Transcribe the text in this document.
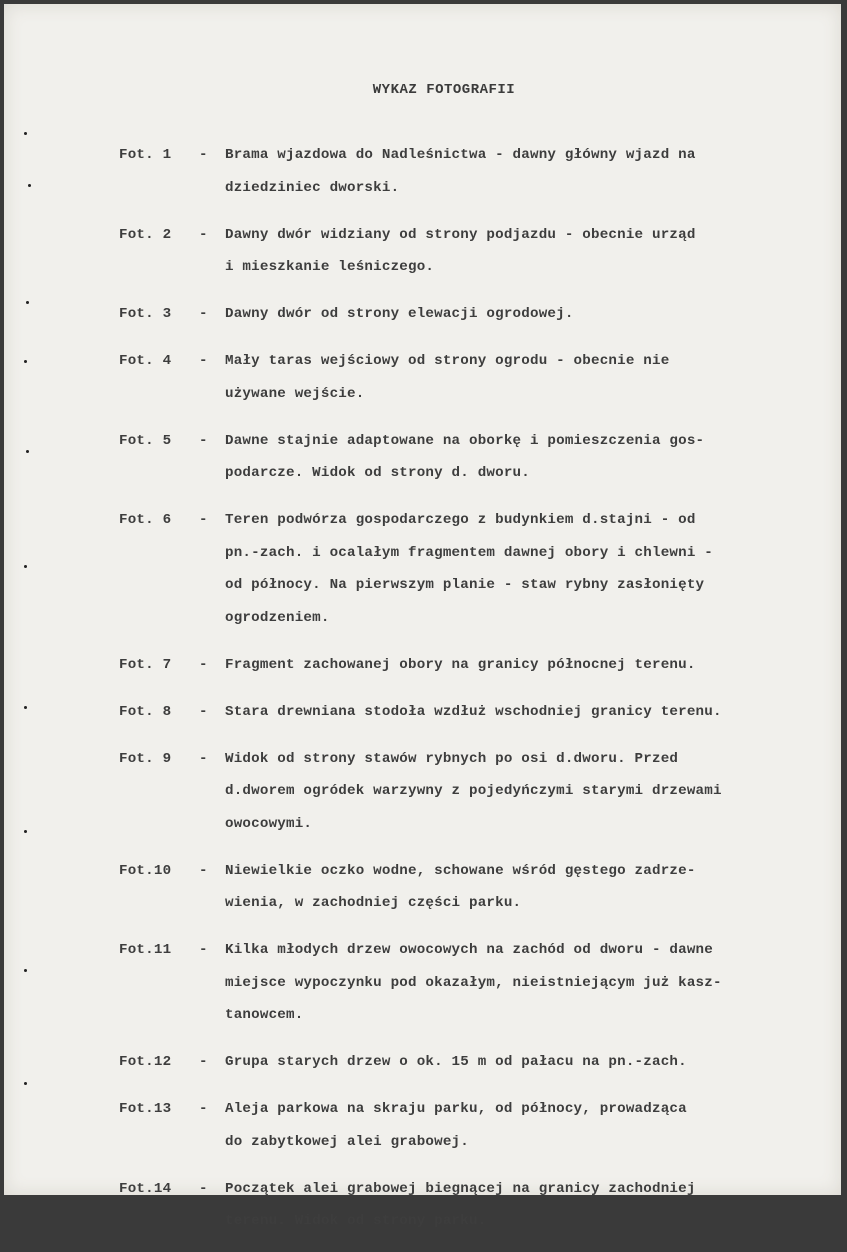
WYKAZ FOTOGRAFII
Fot. 1	-	Brama wjazdowa do Nadleśnictwa - dawny główny wjazd na
dziedziniec dworski.
Fot. 2	-	Dawny dwór widziany od strony podjazdu - obecnie urząd
i mieszkanie leśniczego.
Fot. 3	-	Dawny dwór od strony elewacji ogrodowej.
Fot. 4	-	Mały taras wejściowy od strony ogrodu - obecnie nie
używane wejście.
Fot. 5	-	Dawne stajnie adaptowane na oborkę i pomieszczenia gos-
podarcze. Widok od strony d. dworu.
Fot. 6	-	Teren podwórza gospodarczego z budynkiem d.stajni - od
pn.-zach. i ocalałym fragmentem dawnej obory i chlewni -
od północy. Na pierwszym planie - staw rybny zasłonięty
ogrodzeniem.
Fot. 7	-	Fragment zachowanej obory na granicy północnej terenu.
Fot. 8	-	Stara drewniana stodoła wzdłuż wschodniej granicy terenu.
Fot. 9	-	Widok od strony stawów rybnych po osi d.dworu. Przed
d.dworem ogródek warzywny z pojedyńczymi starymi drzewami
owocowymi.
Fot.10	-	Niewielkie oczko wodne, schowane wśród gęstego zadrze-
wienia, w zachodniej części parku.
Fot.11	-	Kilka młodych drzew owocowych na zachód od dworu - dawne
miejsce wypoczynku pod okazałym, nieistniejącym już kasz-
tanowcem.
Fot.12	-	Grupa starych drzew o ok. 15 m od pałacu na pn.-zach.
Fot.13	-	Aleja parkowa na skraju parku, od północy, prowadząca
do zabytkowej alei grabowej.
Fot.14	-	Początek alei grabowej biegnącej na granicy zachodniej
terenu. Widok od strony parku.
